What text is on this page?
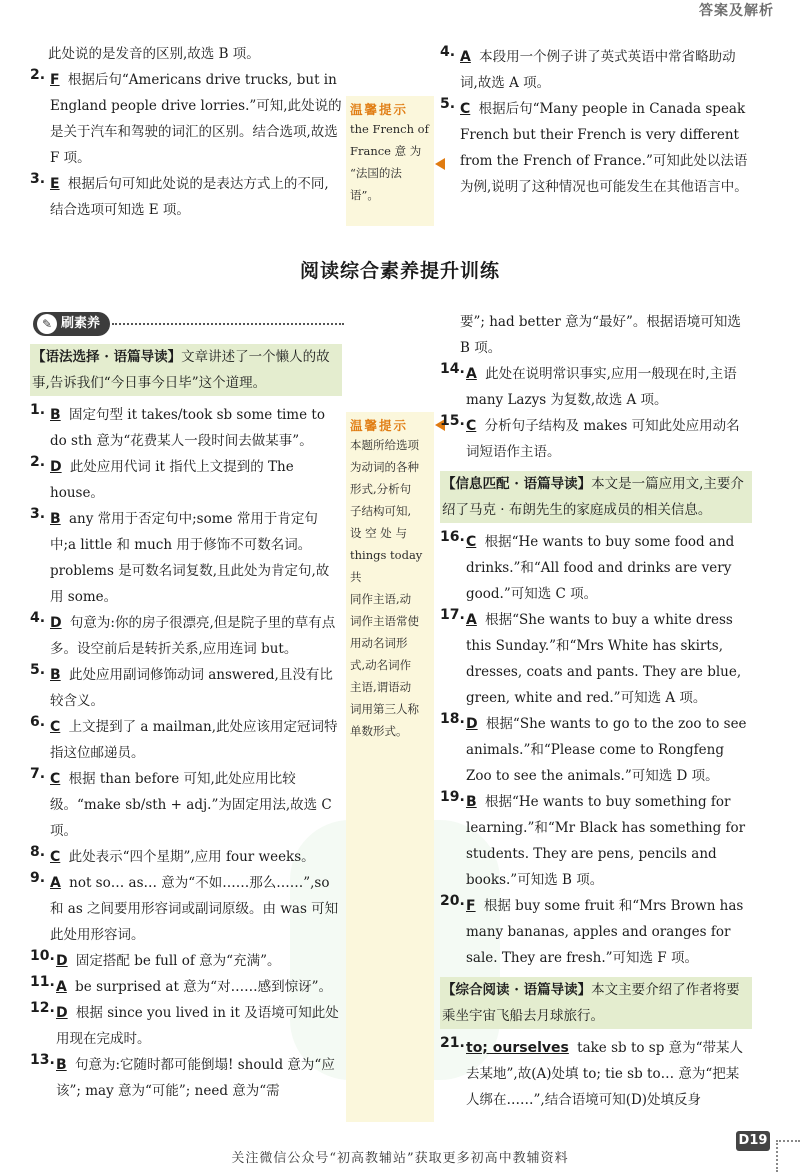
答案及解析

此处说的是发音的区别,故选 B 项。

2. F 根据后句“Americans drive trucks, but in England people drive lorries.”可知,此处说的是关于汽车和驾驶的词汇的区别。结合选项,故选 F 项。
3. E 根据后句可知此处说的是表达方式上的不同,结合选项可知选 E 项。
温馨提示
the French of
France 意 为
“法国的法
语”。
4. A 本段用一个例子讲了英式英语中常省略助动词,故选 A 项。
5. C 根据后句“Many people in Canada speak French but their French is very different from the French of France.”可知此处以法语为例,说明了这种情况也可能发生在其他语言中。
阅读综合素养提升训练
✎ 刷素养

【语法选择 · 语篇导读】文章讲述了一个懒人的故事,告诉我们“今日事今日毕”这个道理。

1. B 固定句型 it takes/took sb some time to do sth 意为“花费某人一段时间去做某事”。
2. D 此处应用代词 it 指代上文提到的 The house。
3. B any 常用于否定句中;some 常用于肯定句中;a little 和 much 用于修饰不可数名词。problems 是可数名词复数,且此处为肯定句,故用 some。
4. D 句意为:你的房子很漂亮,但是院子里的草有点多。设空前后是转折关系,应用连词 but。
5. B 此处应用副词修饰动词 answered,且没有比较含义。
6. C 上文提到了 a mailman,此处应该用定冠词特指这位邮递员。
7. C 根据 than before 可知,此处应用比较级。“make sb/sth + adj.”为固定用法,故选 C 项。
8. C 此处表示“四个星期”,应用 four weeks。
9. A not so… as… 意为“不如……那么……”,so 和 as 之间要用形容词或副词原级。由 was 可知此处用形容词。
10. D 固定搭配 be full of 意为“充满”。
11. A be surprised at 意为“对……感到惊讶”。
12. D 根据 since you lived in it 及语境可知此处用现在完成时。
13. B 句意为:它随时都可能倒塌! should 意为“应该”; may 意为“可能”; need 意为“需
温馨提示
本题所给选项
为动词的各种
形式,分析句
子结构可知,
设 空 处 与
things today 共
同作主语,动
词作主语常使
用动名词形
式,动名词作
主语,谓语动
词用第三人称
单数形式。

要”; had better 意为“最好”。根据语境可知选 B 项。

14. A 此处在说明常识事实,应用一般现在时,主语 many Lazys 为复数,故选 A 项。
15. C 分析句子结构及 makes 可知此处应用动名词短语作主语。

【信息匹配 · 语篇导读】本文是一篇应用文,主要介绍了马克 · 布朗先生的家庭成员的相关信息。

16. C 根据“He wants to buy some food and drinks.”和“All food and drinks are very good.”可知选 C 项。
17. A 根据“She wants to buy a white dress this Sunday.”和“Mrs White has skirts, dresses, coats and pants. They are blue, green, white and red.”可知选 A 项。
18. D 根据“She wants to go to the zoo to see animals.”和“Please come to Rongfeng Zoo to see the animals.”可知选 D 项。
19. B 根据“He wants to buy something for learning.”和“Mr Black has something for students. They are pens, pencils and books.”可知选 B 项。
20. F 根据 buy some fruit 和“Mrs Brown has many bananas, apples and oranges for sale. They are fresh.”可知选 F 项。

【综合阅读 · 语篇导读】本文主要介绍了作者将要乘坐宇宙飞船去月球旅行。

21. to; ourselves take sb to sp 意为“带某人去某地”,故(A)处填 to; tie sb to… 意为“把某人绑在……”,结合语境可知(D)处填反身
D19
关注微信公众号“初高教辅站”获取更多初高中教辅资料
